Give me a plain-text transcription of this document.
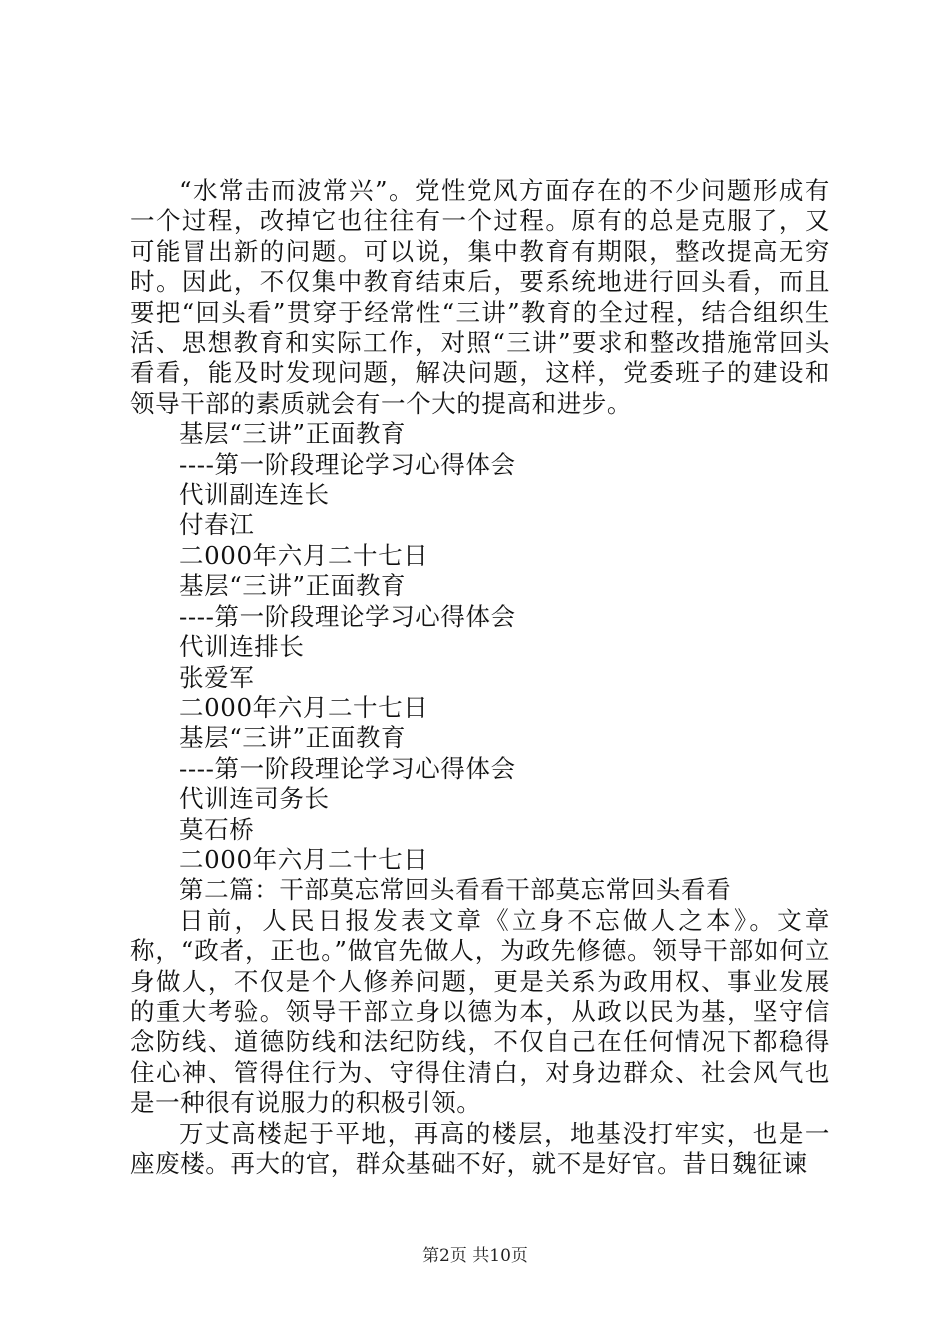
“水常击而波常兴”。党性党风方面存在的不少问题形成有一个过程，改掉它也往往有一个过程。原有的总是克服了，又可能冒出新的问题。可以说，集中教育有期限，整改提高无穷时。因此，不仅集中教育结束后，要系统地进行回头看，而且要把“回头看”贯穿于经常性“三讲”教育的全过程，结合组织生活、思想教育和实际工作，对照“三讲”要求和整改措施常回头看看，能及时发现问题，解决问题，这样，党委班子的建设和领导干部的素质就会有一个大的提高和进步。

基层“三讲”正面教育

----第一阶段理论学习心得体会

代训副连连长

付春江

二000年六月二十七日

基层“三讲”正面教育

----第一阶段理论学习心得体会

代训连排长

张爱军

二000年六月二十七日

基层“三讲”正面教育

----第一阶段理论学习心得体会

代训连司务长

莫石桥

二000年六月二十七日

第二篇：干部莫忘常回头看看干部莫忘常回头看看

日前，人民日报发表文章《立身不忘做人之本》。文章称，“政者，正也。”做官先做人，为政先修德。领导干部如何立身做人，不仅是个人修养问题，更是关系为政用权、事业发展的重大考验。领导干部立身以德为本，从政以民为基，坚守信念防线、道德防线和法纪防线，不仅自己在任何情况下都稳得住心神、管得住行为、守得住清白，对身边群众、社会风气也是一种很有说服力的积极引领。

万丈高楼起于平地，再高的楼层，地基没打牢实，也是一座废楼。再大的官，群众基础不好，就不是好官。昔日魏征谏

第2页 共10页
